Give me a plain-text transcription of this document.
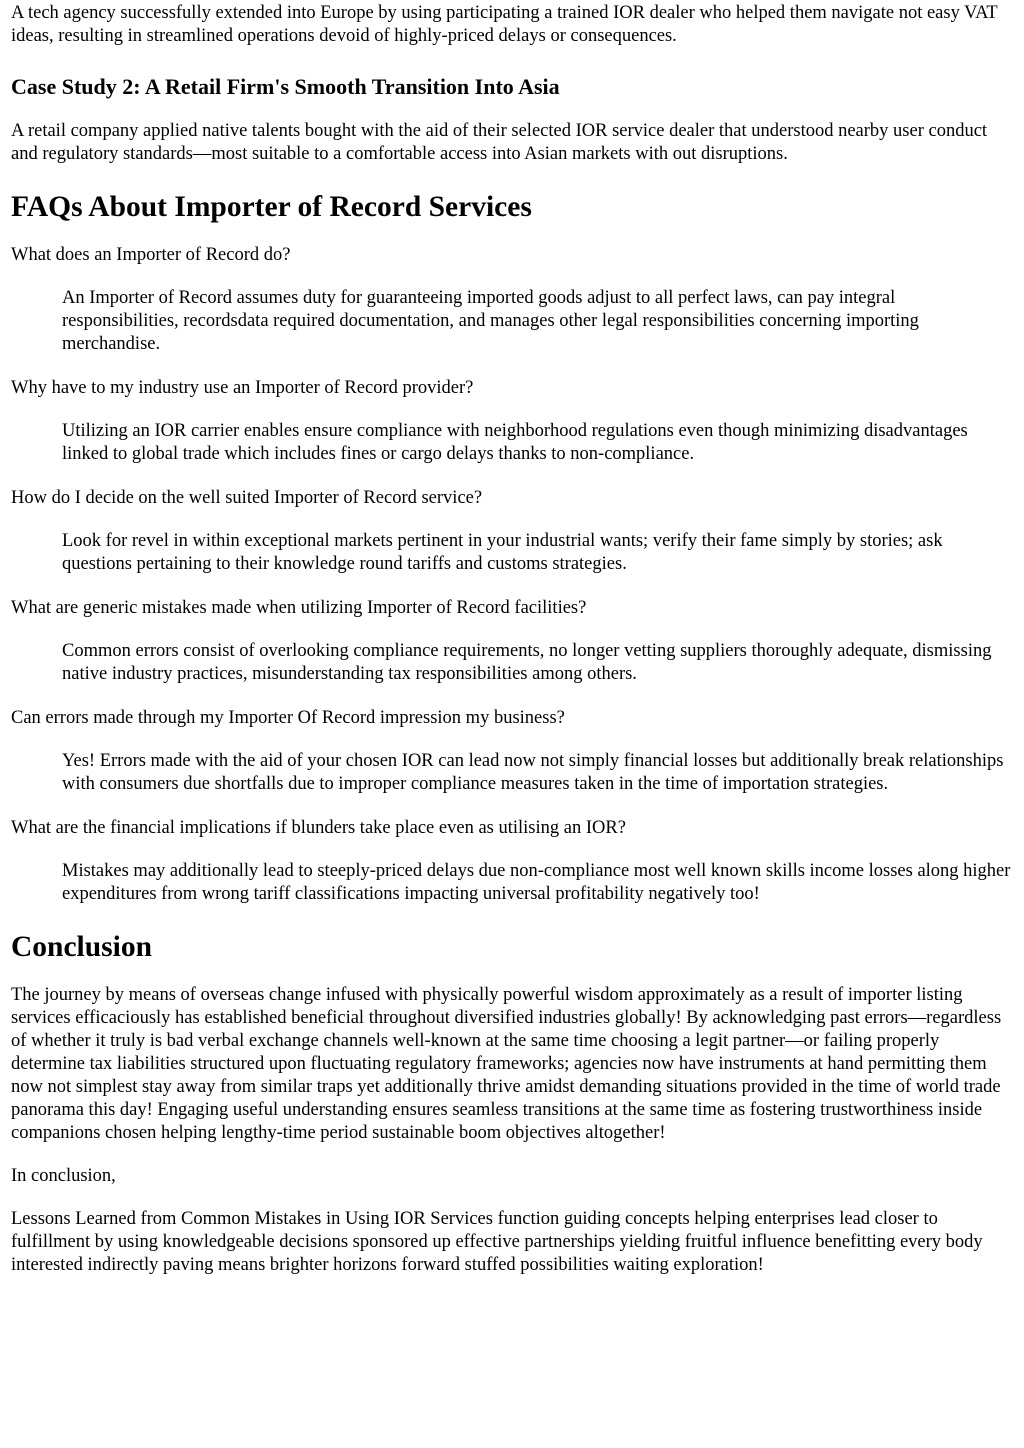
A tech agency successfully extended into Europe by using participating a trained IOR dealer who helped them navigate not easy VAT ideas, resulting in streamlined operations devoid of highly-priced delays or consequences.

Case Study 2: A Retail Firm's Smooth Transition Into Asia

A retail company applied native talents bought with the aid of their selected IOR service dealer that understood nearby user conduct and regulatory standards—most suitable to a comfortable access into Asian markets with out disruptions.

FAQs About Importer of Record Services
What does an Importer of Record do?
An Importer of Record assumes duty for guaranteeing imported goods adjust to all perfect laws, can pay integral responsibilities, recordsdata required documentation, and manages other legal responsibilities concerning importing merchandise.
Why have to my industry use an Importer of Record provider?
Utilizing an IOR carrier enables ensure compliance with neighborhood regulations even though minimizing disadvantages linked to global trade which includes fines or cargo delays thanks to non-compliance.
How do I decide on the well suited Importer of Record service?
Look for revel in within exceptional markets pertinent in your industrial wants; verify their fame simply by stories; ask questions pertaining to their knowledge round tariffs and customs strategies.
What are generic mistakes made when utilizing Importer of Record facilities?
Common errors consist of overlooking compliance requirements, no longer vetting suppliers thoroughly adequate, dismissing native industry practices, misunderstanding tax responsibilities among others.
Can errors made through my Importer Of Record impression my business?
Yes! Errors made with the aid of your chosen IOR can lead now not simply financial losses but additionally break relationships with consumers due shortfalls due to improper compliance measures taken in the time of importation strategies.
What are the financial implications if blunders take place even as utilising an IOR?
Mistakes may additionally lead to steeply-priced delays due non-compliance most well known skills income losses along higher expenditures from wrong tariff classifications impacting universal profitability negatively too!
Conclusion

The journey by means of overseas change infused with physically powerful wisdom approximately as a result of importer listing services efficaciously has established beneficial throughout diversified industries globally! By acknowledging past errors—regardless of whether it truly is bad verbal exchange channels well-known at the same time choosing a legit partner—or failing properly determine tax liabilities structured upon fluctuating regulatory frameworks; agencies now have instruments at hand permitting them now not simplest stay away from similar traps yet additionally thrive amidst demanding situations provided in the time of world trade panorama this day! Engaging useful understanding ensures seamless transitions at the same time as fostering trustworthiness inside companions chosen helping lengthy-time period sustainable boom objectives altogether!

In conclusion,

Lessons Learned from Common Mistakes in Using IOR Services function guiding concepts helping enterprises lead closer to fulfillment by using knowledgeable decisions sponsored up effective partnerships yielding fruitful influence benefitting every body interested indirectly paving means brighter horizons forward stuffed possibilities waiting exploration!
